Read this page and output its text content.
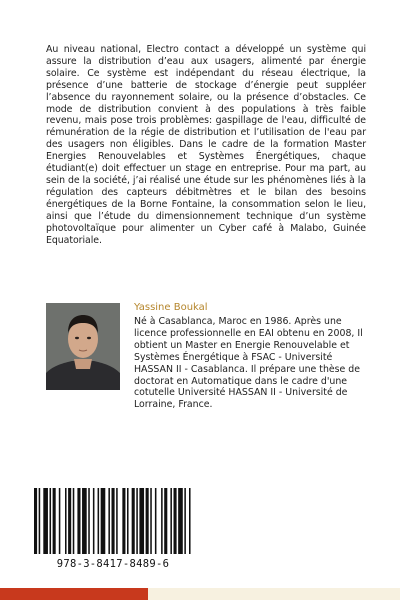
Au niveau national, Electro contact a développé un système qui assure la distribution d’eau aux usagers, alimenté par énergie solaire. Ce système est indépendant du réseau électrique, la présence d’une batterie de stockage d’énergie peut suppléer l’absence du rayonnement solaire, ou la présence d’obstacles. Ce mode de distribution convient à des populations à très faible revenu, mais pose trois problèmes: gaspillage de l'eau, difficulté de rémunération de la régie de distribution et l’utilisation de l'eau par des usagers non éligibles. Dans le cadre de la formation Master Energies Renouvelables et Systèmes Énergétiques, chaque étudiant(e) doit effectuer un stage en entreprise. Pour ma part, au sein de la société, j’ai réalisé une étude sur les phénomènes liés à la régulation des capteurs débitmètres et le bilan des besoins énergétiques de la Borne Fontaine, la consommation selon le lieu, ainsi que l’étude du dimensionnement technique d’un système photovoltaïque pour alimenter un Cyber café à Malabo, Guinée Equatoriale.
Yassine Boukal
Né à Casablanca, Maroc en 1986. Après une licence professionnelle en EAI obtenu en 2008, Il obtient un Master en Energie Renouvelable et Systèmes Énergétique à FSAC - Université HASSAN II - Casablanca. Il prépare une thèse de doctorat en Automatique dans le cadre d'une cotutelle Université HASSAN II - Université de Lorraine, France.
978-3-8417-8489-6
